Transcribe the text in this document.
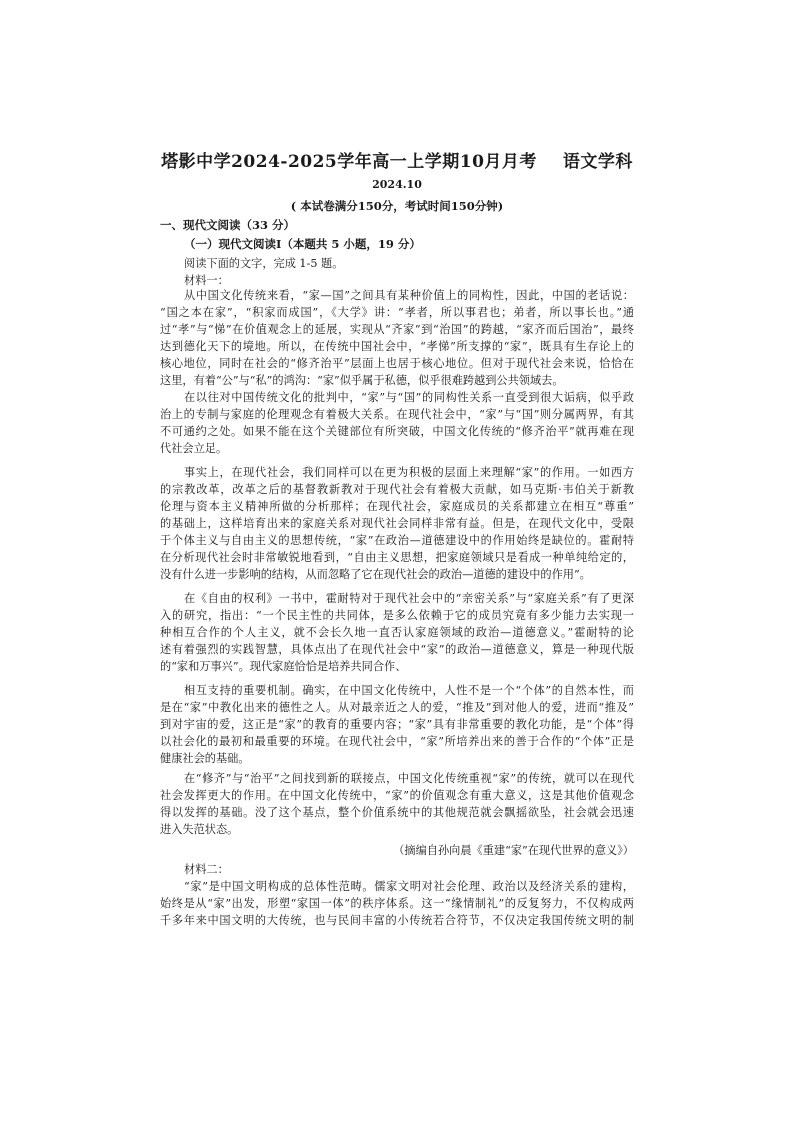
塔影中学2024-2025学年高一上学期10月月考 语文学科
2024.10
( 本试卷满分150分，考试时间150分钟)
一、现代文阅读（33 分）
（一）现代文阅读Ⅰ（本题共 5 小题，19 分）
阅读下面的文字，完成 1-5 题。
材料一：
从中国文化传统来看，“家—国”之间具有某种价值上的同构性，因此，中国的老话说：
“国之本在家”，“积家而成国”，《大学》讲：“孝者，所以事君也；弟者，所以事长也。”通
过“孝”与“悌”在价值观念上的延展，实现从“齐家”到“治国”的跨越，“家齐而后国治”，最终
达到德化天下的境地。所以，在传统中国社会中，“孝悌”所支撑的“家”，既具有生存论上的
核心地位，同时在社会的“修齐治平”层面上也居于核心地位。但对于现代社会来说，恰恰在
这里，有着“公”与“私”的鸿沟：“家”似乎属于私德，似乎很难跨越到公共领域去。
在以往对中国传统文化的批判中，“家”与“国”的同构性关系一直受到很大诟病，似乎政
治上的专制与家庭的伦理观念有着极大关系。在现代社会中，“家”与“国”则分属两界，有其
不可通约之处。如果不能在这个关键部位有所突破，中国文化传统的“修齐治平”就再难在现
代社会立足。
事实上，在现代社会，我们同样可以在更为积极的层面上来理解“家”的作用。一如西方
的宗教改革，改革之后的基督教新教对于现代社会有着极大贡献，如马克斯·韦伯关于新教
伦理与资本主义精神所做的分析那样；在现代社会，家庭成员的关系都建立在相互“尊重”
的基础上，这样培育出来的家庭关系对现代社会同样非常有益。但是，在现代文化中，受限
于个体主义与自由主义的思想传统，“家”在政治—道德建设中的作用始终是缺位的。霍耐特
在分析现代社会时非常敏锐地看到，“自由主义思想，把家庭领域只是看成一种单纯给定的，
没有什么进一步影响的结构，从而忽略了它在现代社会的政治—道德的建设中的作用”。
在《自由的权利》一书中，霍耐特对于现代社会中的“亲密关系”与“家庭关系”有了更深
入的研究，指出：“一个民主性的共同体，是多么依赖于它的成员究竟有多少能力去实现一
种相互合作的个人主义，就不会长久地一直否认家庭领域的政治—道德意义。”霍耐特的论
述有着强烈的实践智慧，具体点出了在现代社会中“家”的政治—道德意义，算是一种现代版
的“家和万事兴”。现代家庭恰恰是培养共同合作、
相互支持的重要机制。确实，在中国文化传统中，人性不是一个“个体”的自然本性，而
是在“家”中教化出来的德性之人。从对最亲近之人的爱，“推及”到对他人的爱，进而“推及”
到对宇宙的爱，这正是“家”的教育的重要内容；“家”具有非常重要的教化功能，是“个体”得
以社会化的最初和最重要的环境。在现代社会中，“家”所培养出来的善于合作的“个体”正是
健康社会的基础。
在“修齐”与“治平”之间找到新的联接点，中国文化传统重视“家”的传统，就可以在现代
社会发挥更大的作用。在中国文化传统中，“家”的价值观念有重大意义，这是其他价值观念
得以发挥的基础。没了这个基点，整个价值系统中的其他规范就会飘摇欲坠，社会就会迅速
进入失范状态。
（摘编自孙向晨《重建“家”在现代世界的意义》）
材料二：
“家”是中国文明构成的总体性范畴。儒家文明对社会伦理、政治以及经济关系的建构，
始终是从“家”出发，形塑“家国一体”的秩序体系。这一“缘情制礼”的反复努力，不仅构成两
千多年来中国文明的大传统，也与民间丰富的小传统若合符节，不仅决定我国传统文明的制
